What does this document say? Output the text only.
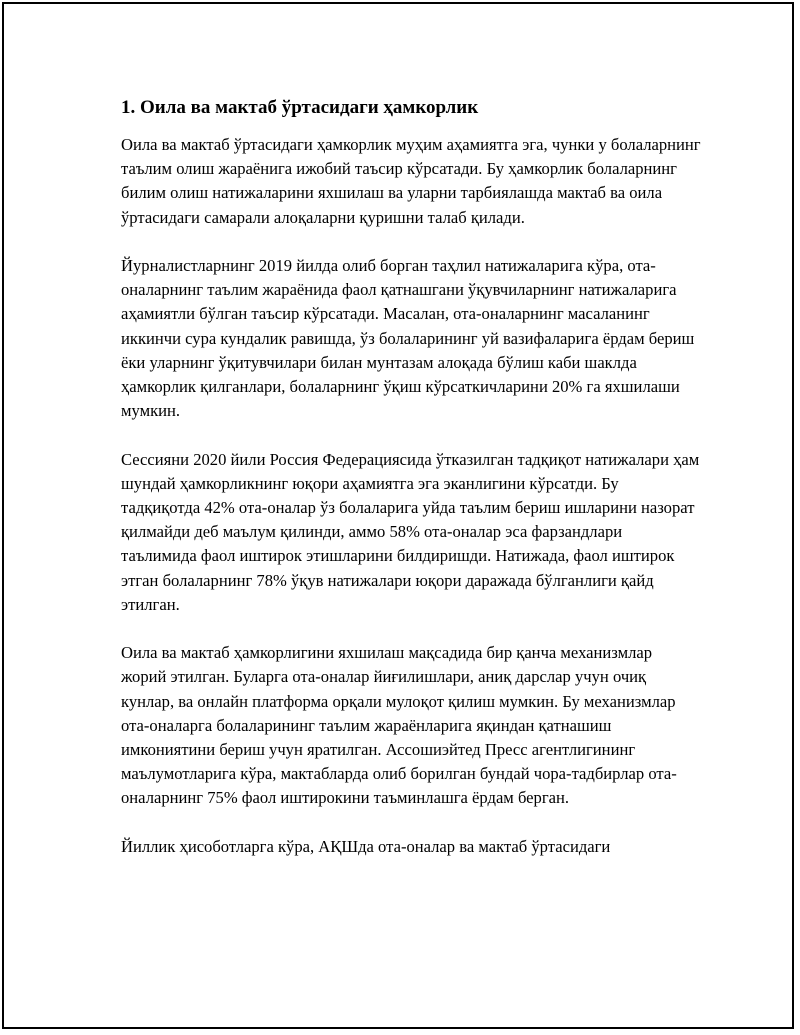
1. Оила ва мактаб ўртасидаги ҳамкорлик

Оила ва мактаб ўртасидаги ҳамкорлик муҳим аҳамиятга эга, чунки у болаларнинг таълим олиш жараёнига ижобий таъсир кўрсатади. Бу ҳамкорлик болаларнинг билим олиш натижаларини яхшилаш ва уларни тарбиялашда мактаб ва оила ўртасидаги самарали алоқаларни қуришни талаб қилади.

Йурналистларнинг 2019 йилда олиб борган таҳлил натижаларига кўра, ота-оналарнинг таълим жараёнида фаол қатнашгани ўқувчиларнинг натижаларига аҳамиятли бўлган таъсир кўрсатади. Масалан, ота-оналарнинг масаланинг иккинчи сура кундалик равишда, ўз болаларининг уй вазифаларига ёрдам бериш ёки уларнинг ўқитувчилари билан мунтазам алоқада бўлиш каби шаклда ҳамкорлик қилганлари, болаларнинг ўқиш кўрсаткичларини 20% га яхшилаши мумкин.

Сессияни 2020 йили Россия Федерациясида ўтказилган тадқиқот натижалари ҳам шундай ҳамкорликнинг юқори аҳамиятга эга эканлигини кўрсатди. Бу тадқиқотда 42% ота-оналар ўз болаларига уйда таълим бериш ишларини назорат қилмайди деб маълум қилинди, аммо 58% ота-оналар эса фарзандлари таълимида фаол иштирок этишларини билдиришди. Натижада, фаол иштирок этган болаларнинг 78% ўқув натижалари юқори даражада бўлганлиги қайд этилган.

Оила ва мактаб ҳамкорлигини яхшилаш мақсадида бир қанча механизмлар жорий этилган. Буларга ота-оналар йиғилишлари, аниқ дарслар учун очиқ кунлар, ва онлайн платформа орқали мулоқот қилиш мумкин. Бу механизмлар ота-оналарга болаларининг таълим жараёнларига яқиндан қатнашиш имкониятини бериш учун яратилган. Ассошиэйтед Пресс агентлигининг маълумотларига кўра, мактабларда олиб борилган бундай чора-тадбирлар ота-оналарнинг 75% фаол иштирокини таъминлашга ёрдам берган.

Йиллик ҳисоботларга кўра, АҚШда ота-оналар ва мактаб ўртасидаги
